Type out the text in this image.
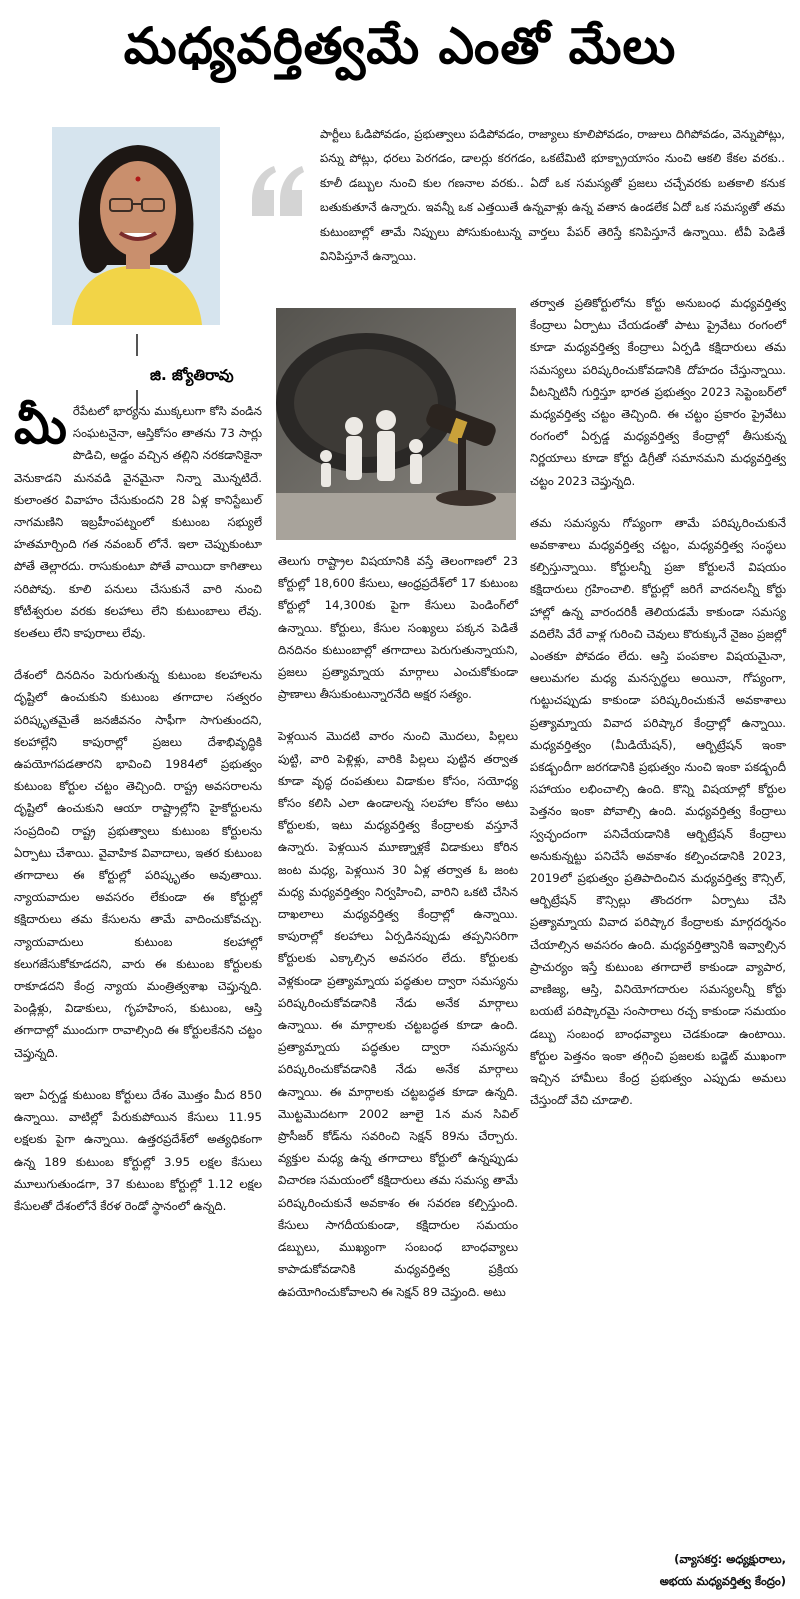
మధ్యవర్తిత్వమే ఎంతో మేలు
జి. జ్యోతిరావు

పార్టీలు ఓడిపోవడం, ప్రభుత్వాలు పడిపోవడం, రాజ్యాలు కూలిపోవడం, రాజులు దిగిపోవడం, వెన్నుపోట్లు, పన్ను పోట్లు, ధరలు పెరగడం, డాలర్లు కరగడం, ఒకటేమిటి భూక్బ్రాయాసం నుంచి ఆకలి కేకల వరకు.. కూలీ డబ్బుల నుంచి కుల గణనాల వరకు.. ఏదో ఒక సమస్యతో ప్రజలు చచ్చేవరకు బతకాలి కనుక బతుకుతూనే ఉన్నారు. ఇవన్నీ ఒక ఎత్తయితే ఉన్నవాళ్లు ఉన్న వతాన ఉండలేక ఏదో ఒక సమస్యతో తమ కుటుంబాల్లో తామే నిప్పులు పోసుకుంటున్న వార్తలు పేపర్ తెరిస్తే కనిపిస్తూనే ఉన్నాయి. టీవీ పెడితే వినిపిస్తూనే ఉన్నాయి.

మీరేపేటలో భార్యను ముక్కలుగా కోసి వండిన సంఘటనైనా, ఆస్తికోసం తాతను 73 సార్లు పొడిచి, అడ్డం వచ్చిన తల్లిని నరకడానికైనా వెనుకాడని మనవడి వైనమైనా నిన్నా మొన్నటిదే. కులాంతర వివాహం చేసుకుందని 28 ఏళ్ల కానిస్టేబుల్ నాగమణిని ఇబ్రహీంపట్నంలో కుటుంబ సభ్యులే హతమార్చింది గత నవంబర్ లోనే. ఇలా చెప్పుకుంటూ పోతే తెల్లారదు. రాసుకుంటూ పోతే వాయిదా కాగితాలు సరిపోవు. కూలి పనులు చేసుకునే వారి నుంచి కోటీశ్వరుల వరకు కలహాలు లేని కుటుంబాలు లేవు. కలతలు లేని కాపురాలు లేవు.

దేశంలో దినదినం పెరుగుతున్న కుటుంబ కలహాలను దృష్టిలో ఉంచుకుని కుటుంబ తగాదాల సత్వరం పరిష్కృతమైతే జనజీవనం సాఫీగా సాగుతుందని, కలహాల్లేని కాపురాల్లో ప్రజలు దేశాభివృద్ధికి ఉపయోగపడతారని భావించి 1984లో ప్రభుత్వం కుటుంబ కోర్టుల చట్టం తెచ్చింది. రాష్ట్ర అవసరాలను దృష్టిలో ఉంచుకుని ఆయా రాష్ట్రాల్లోని హైకోర్టులను సంప్రదించి రాష్ట్ర ప్రభుత్వాలు కుటుంబ కోర్టులను ఏర్పాటు చేశాయి. వైవాహిక వివాదాలు, ఇతర కుటుంబ తగాదాలు ఈ కోర్టుల్లో పరిష్కృతం అవుతాయి. న్యాయవాదుల అవసరం లేకుండా ఈ కోర్టుల్లో కక్షిదారులు తమ కేసులను తామే వాదించుకోవచ్చు. న్యాయవాదులు కుటుంబ కలహాల్లో కలుగజేసుకోకూడదని, వారు ఈ కుటుంబ కోర్టులకు రాకూడదని కేంద్ర న్యాయ మంత్రిత్వశాఖ చెప్తున్నది. పెండ్లిళ్లు, విడాకులు, గృహహింస, కుటుంబ, ఆస్తి తగాదాల్లో ముందుగా రావాల్సింది ఈ కోర్టులకేనని చట్టం చెప్తున్నది.

ఇలా ఏర్పడ్డ కుటుంబ కోర్టులు దేశం మొత్తం మీద 850 ఉన్నాయి. వాటిల్లో పేరుకుపోయిన కేసులు 11.95 లక్షలకు పైగా ఉన్నాయి. ఉత్తరప్రదేశ్‌లో అత్యధికంగా ఉన్న 189 కుటుంబ కోర్టుల్లో 3.95 లక్షల కేసులు మూలుగుతుండగా, 37 కుటుంబ కోర్టుల్లో 1.12 లక్షల కేసులతో దేశంలోనే కేరళ రెండో స్థానంలో ఉన్నది.

తెలుగు రాష్ట్రాల విషయానికి వస్తే తెలంగాణలో 23 కోర్టుల్లో 18,600 కేసులు, ఆంధ్రప్రదేశ్‌లో 17 కుటుంబ కోర్టుల్లో 14,300కు పైగా కేసులు పెండింగ్‌లో ఉన్నాయి. కోర్టులు, కేసుల సంఖ్యలు పక్కన పెడితే దినదినం కుటుంబాల్లో తగాదాలు పెరుగుతున్నాయని, ప్రజలు ప్రత్యామ్నాయ మార్గాలు ఎంచుకోకుండా ప్రాణాలు తీసుకుంటున్నారనేది అక్షర సత్యం.

పెళ్లయిన మొదటి వారం నుంచి మొదలు, పిల్లలు పుట్టి, వారి పెళ్లిళ్లు, వారికి పిల్లలు పుట్టిన తర్వాత కూడా వృద్ధ దంపతులు విడాకుల కోసం, సయోధ్య కోసం కలిసి ఎలా ఉండాలన్న సలహాల కోసం అటు కోర్టులకు, ఇటు మధ్యవర్తిత్వ కేంద్రాలకు వస్తూనే ఉన్నారు. పెళ్లయిన మూణ్నాళ్లకే విడాకులు కోరిన జంట మధ్య, పెళ్లయిన 30 ఏళ్ల తర్వాత ఓ జంట మధ్య మధ్యవర్తిత్వం నిర్వహించి, వారిని ఒకటి చేసిన దాఖలాలు మధ్యవర్తిత్వ కేంద్రాల్లో ఉన్నాయి. కాపురాల్లో కలహాలు ఏర్పడినప్పుడు తప్పనిసరిగా కోర్టులకు ఎక్కాల్సిన అవసరం లేదు. కోర్టులకు వెళ్లకుండా ప్రత్యామ్నాయ పద్ధతుల ద్వారా సమస్యను పరిష్కరించుకోవడానికి నేడు అనేక మార్గాలు ఉన్నాయి. ఈ మార్గాలకు చట్టబద్ధత కూడా ఉంది. ప్రత్యామ్నాయ పద్ధతుల ద్వారా సమస్యను పరిష్కరించుకోవడానికి నేడు అనేక మార్గాలు ఉన్నాయి. ఈ మార్గాలకు చట్టబద్ధత కూడా ఉన్నది. మొట్టమొదటగా 2002 జూలై 1న మన సివిల్ ప్రొసీజర్ కోడ్‌ను సవరించి సెక్షన్ 89ను చేర్చారు. వ్యక్తుల మధ్య ఉన్న తగాదాలు కోర్టులో ఉన్నప్పుడు విచారణ సమయంలో కక్షిదారులు తమ సమస్య తామే పరిష్కరించుకునే అవకాశం ఈ సవరణ కల్పిస్తుంది. కేసులు సాగదీయకుండా, కక్షిదారుల సమయం డబ్బులు, ముఖ్యంగా సంబంధ బాంధవ్యాలు కాపాడుకోవడానికి మధ్యవర్తిత్వ ప్రక్రియ ఉపయోగించుకోవాలని ఈ సెక్షన్ 89 చెప్తుంది. అటు

తర్వాత ప్రతికోర్టులోను కోర్టు అనుబంధ మధ్యవర్తిత్వ కేంద్రాలు ఏర్పాటు చేయడంతో పాటు ప్రైవేటు రంగంలో కూడా మధ్యవర్తిత్వ కేంద్రాలు ఏర్పడి కక్షిదారులు తమ సమస్యలు పరిష్కరించుకోవడానికి దోహదం చేస్తున్నాయి. వీటన్నిటినీ గుర్తిస్తూ భారత ప్రభుత్వం 2023 సెప్టెంబర్‌లో మధ్యవర్తిత్వ చట్టం తెచ్చింది. ఈ చట్టం ప్రకారం ప్రైవేటు రంగంలో ఏర్పడ్డ మధ్యవర్తిత్వ కేంద్రాల్లో తీసుకున్న నిర్ణయాలు కూడా కోర్టు డిగ్రీతో సమానమని మధ్యవర్తిత్వ చట్టం 2023 చెప్తున్నది.

తమ సమస్యను గోప్యంగా తామే పరిష్కరించుకునే అవకాశాలు మధ్యవర్తిత్వ చట్టం, మధ్యవర్తిత్వ సంస్థలు కల్పిస్తున్నాయి. కోర్టులన్నీ ప్రజా కోర్టులనే విషయం కక్షిదారులు గ్రహించాలి. కోర్టుల్లో జరిగే వాదనలన్నీ కోర్టు హాల్లో ఉన్న వారందరికీ తెలియడమే కాకుండా సమస్య వదిలేసి వేరే వాళ్ల గురించి చెవులు కొరుక్కునే నైజం ప్రజల్లో ఎంతకూ పోవడం లేదు. ఆస్తి పంపకాల విషయమైనా, ఆలుమగల మధ్య మనస్పర్థలు అయినా, గోప్యంగా, గుట్టుచప్పుడు కాకుండా పరిష్కరించుకునే అవకాశాలు ప్రత్యామ్నాయ వివాద పరిష్కార కేంద్రాల్లో ఉన్నాయి. మధ్యవర్తిత్వం (మీడియేషన్), ఆర్బిట్రేషన్ ఇంకా పకడ్బందీగా జరగడానికి ప్రభుత్వం నుంచి ఇంకా పకడ్బందీ సహాయం లభించాల్సి ఉంది. కొన్ని విషయాల్లో కోర్టుల పెత్తనం ఇంకా పోవాల్సి ఉంది. మధ్యవర్తిత్వ కేంద్రాలు స్వచ్ఛందంగా పనిచేయడానికి ఆర్బిట్రేషన్ కేంద్రాలు అనుకున్నట్టు పనిచేసే అవకాశం కల్పించడానికి 2023, 2019లో ప్రభుత్వం ప్రతిపాదించిన మధ్యవర్తిత్వ కౌన్సిల్, ఆర్బిట్రేషన్ కౌన్సిల్లు తొందరగా ఏర్పాటు చేసి ప్రత్యామ్నాయ వివాద పరిష్కార కేంద్రాలకు మార్గదర్శనం చేయాల్సిన అవసరం ఉంది. మధ్యవర్తిత్వానికి ఇవ్వాల్సిన ప్రాచుర్యం ఇస్తే కుటుంబ తగాదాలే కాకుండా వ్యాపార, వాణిజ్య, ఆస్తి, వినియోగదారుల సమస్యలన్నీ కోర్టు బయటే పరిష్కారమై సంసారాలు రచ్చ కాకుండా సమయం డబ్బు సంబంధ బాంధవ్యాలు చెడకుండా ఉంటాయి. కోర్టుల పెత్తనం ఇంకా తగ్గించి ప్రజలకు బడ్జెట్ ముఖంగా ఇచ్చిన హామీలు కేంద్ర ప్రభుత్వం ఎప్పుడు అమలు చేస్తుందో వేచి చూడాలి.

(వ్యాసకర్త: అధ్యక్షురాలు,
అభయ మధ్యవర్తిత్వ కేంద్రం)
